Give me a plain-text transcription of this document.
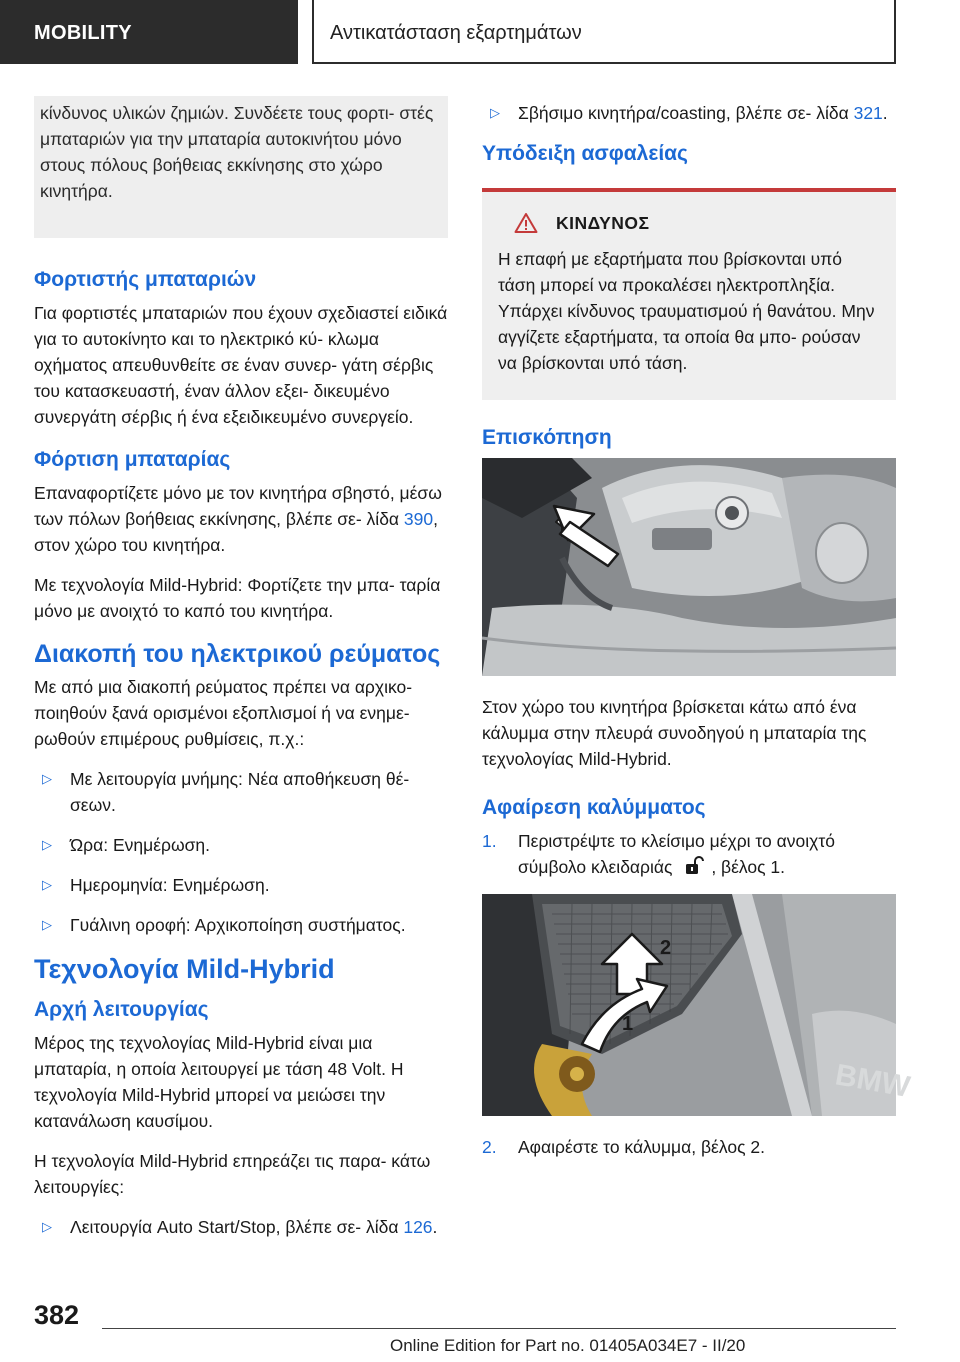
MOBILITY	Αντικατάσταση εξαρτημάτων

κίνδυνος υλικών ζημιών. Συνδέετε τους φορτι- στές μπαταριών για την μπαταρία αυτοκινήτου μόνο στους πόλους βοήθειας εκκίνησης στο χώρο κινητήρα.

Φορτιστής μπαταριών

Για φορτιστές μπαταριών που έχουν σχεδιαστεί ειδικά για το αυτοκίνητο και το ηλεκτρικό κύ- κλωμα οχήματος απευθυνθείτε σε έναν συνερ- γάτη σέρβις του κατασκευαστή, έναν άλλον εξει- δικευμένο συνεργάτη σέρβις ή ένα εξειδικευμένο συνεργείο.

Φόρτιση μπαταρίας

Επαναφορτίζετε μόνο με τον κινητήρα σβηστό, μέσω των πόλων βοήθειας εκκίνησης, βλέπε σε- λίδα 390, στον χώρο του κινητήρα.

Με τεχνολογία Mild-Hybrid: Φορτίζετε την μπα- ταρία μόνο με ανοιχτό το καπό του κινητήρα.

Διακοπή του ηλεκτρικού ρεύματος

Με από μια διακοπή ρεύματος πρέπει να αρχικο- ποιηθούν ξανά ορισμένοι εξοπλισμοί ή να ενημε- ρωθούν επιμέρους ρυθμίσεις, π.χ.:

▷ Με λειτουργία μνήμης: Νέα αποθήκευση θέ- σεων.
▷ Ώρα: Ενημέρωση.
▷ Ημερομηνία: Ενημέρωση.
▷ Γυάλινη οροφή: Αρχικοποίηση συστήματος.
Τεχνολογία Mild-Hybrid
Αρχή λειτουργίας

Μέρος της τεχνολογίας Mild-Hybrid είναι μια μπαταρία, η οποία λειτουργεί με τάση 48 Volt. Η τεχνολογία Mild-Hybrid μπορεί να μειώσει την κατανάλωση καυσίμου.

Η τεχνολογία Mild-Hybrid επηρεάζει τις παρα- κάτω λειτουργίες:

▷ Λειτουργία Auto Start/Stop, βλέπε σε- λίδα 126.
▷ Σβήσιμο κινητήρα/coasting, βλέπε σε- λίδα 321.
Υπόδειξη ασφαλείας
ΚΙΝΔΥΝΟΣ

Η επαφή με εξαρτήματα που βρίσκονται υπό τάση μπορεί να προκαλέσει ηλεκτροπληξία. Υπάρχει κίνδυνος τραυματισμού ή θανάτου. Μην αγγίζετε εξαρτήματα, τα οποία θα μπο- ρούσαν να βρίσκονται υπό τάση.

Επισκόπηση

Στον χώρο του κινητήρα βρίσκεται κάτω από ένα κάλυμμα στην πλευρά συνοδηγού η μπαταρία της τεχνολογίας Mild-Hybrid.

Αφαίρεση καλύμματος
1. Περιστρέψτε το κλείσιμο μέχρι το ανοιχτό σύμβολο κλειδαριάς , βέλος 1.
BMW
1
2
2. Αφαιρέστε το κάλυμμα, βέλος 2.
382
Online Edition for Part no. 01405A034E7 - II/20
